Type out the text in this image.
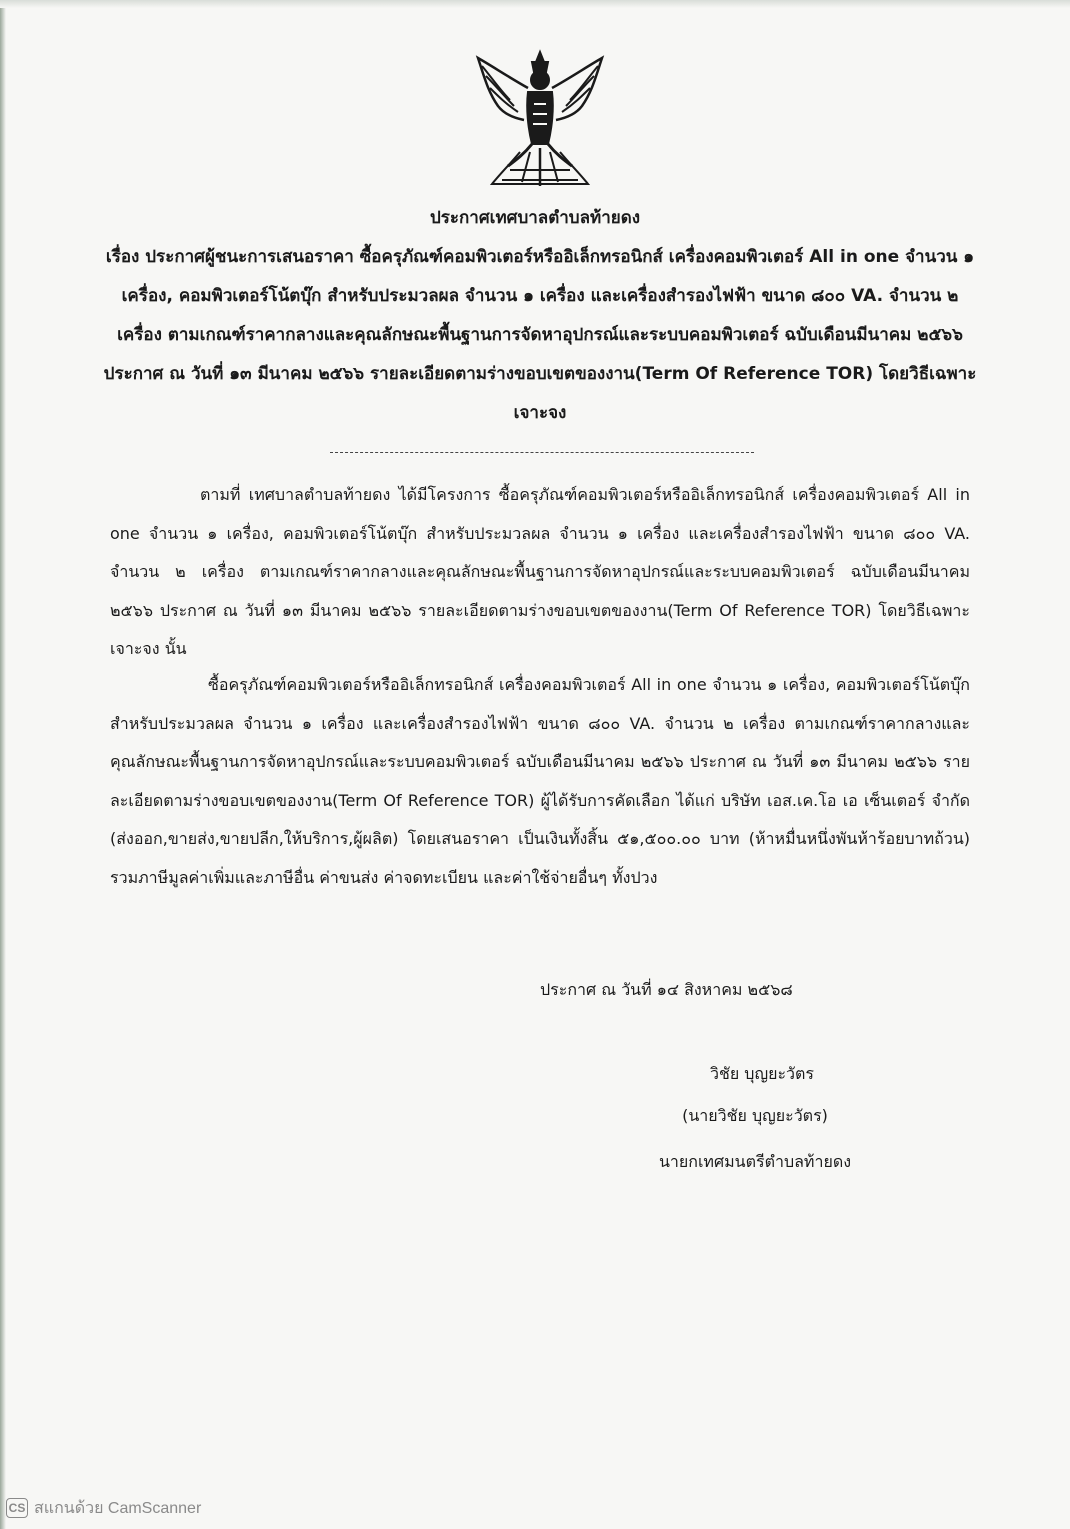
ประกาศเทศบาลตำบลท้ายดง

เรื่อง ประกาศผู้ชนะการเสนอราคา ซื้อครุภัณฑ์คอมพิวเตอร์หรืออิเล็กทรอนิกส์ เครื่องคอมพิวเตอร์ All in one จำนวน ๑ เครื่อง, คอมพิวเตอร์โน้ตบุ๊ก สำหรับประมวลผล จำนวน ๑ เครื่อง และเครื่องสำรองไฟฟ้า ขนาด ๘๐๐ VA. จำนวน ๒ เครื่อง ตามเกณฑ์ราคากลางและคุณลักษณะพื้นฐานการจัดหาอุปกรณ์และระบบคอมพิวเตอร์ ฉบับเดือนมีนาคม ๒๕๖๖ ประกาศ ณ วันที่ ๑๓ มีนาคม ๒๕๖๖ รายละเอียดตามร่างขอบเขตของงาน(Term Of Reference TOR) โดยวิธีเฉพาะเจาะจง

ตามที่ เทศบาลตำบลท้ายดง ได้มีโครงการ ซื้อครุภัณฑ์คอมพิวเตอร์หรืออิเล็กทรอนิกส์ เครื่องคอมพิวเตอร์ All in one จำนวน ๑ เครื่อง, คอมพิวเตอร์โน้ตบุ๊ก สำหรับประมวลผล จำนวน ๑ เครื่อง และเครื่องสำรองไฟฟ้า ขนาด ๘๐๐ VA. จำนวน ๒ เครื่อง ตามเกณฑ์ราคากลางและคุณลักษณะพื้นฐานการจัดหาอุปกรณ์และระบบคอมพิวเตอร์ ฉบับเดือนมีนาคม ๒๕๖๖ ประกาศ ณ วันที่ ๑๓ มีนาคม ๒๕๖๖ รายละเอียดตามร่างขอบเขตของงาน(Term Of Reference TOR) โดยวิธีเฉพาะเจาะจง นั้น

ซื้อครุภัณฑ์คอมพิวเตอร์หรืออิเล็กทรอนิกส์ เครื่องคอมพิวเตอร์ All in one จำนวน ๑ เครื่อง, คอมพิวเตอร์โน้ตบุ๊ก สำหรับประมวลผล จำนวน ๑ เครื่อง และเครื่องสำรองไฟฟ้า ขนาด ๘๐๐ VA. จำนวน ๒ เครื่อง ตามเกณฑ์ราคากลางและคุณลักษณะพื้นฐานการจัดหาอุปกรณ์และระบบคอมพิวเตอร์ ฉบับเดือนมีนาคม ๒๕๖๖ ประกาศ ณ วันที่ ๑๓ มีนาคม ๒๕๖๖ รายละเอียดตามร่างขอบเขตของงาน(Term Of Reference TOR) ผู้ได้รับการคัดเลือก ได้แก่ บริษัท เอส.เค.โอ เอ เซ็นเตอร์ จำกัด (ส่งออก,ขายส่ง,ขายปลีก,ให้บริการ,ผู้ผลิต) โดยเสนอราคา เป็นเงินทั้งสิ้น ๕๑,๕๐๐.๐๐ บาท (ห้าหมื่นหนึ่งพันห้าร้อยบาทถ้วน) รวมภาษีมูลค่าเพิ่มและภาษีอื่น ค่าขนส่ง ค่าจดทะเบียน และค่าใช้จ่ายอื่นๆ ทั้งปวง

ประกาศ ณ วันที่ ๑๔ สิงหาคม ๒๕๖๘

วิชัย บุญยะวัตร

(นายวิชัย บุญยะวัตร)

นายกเทศมนตรีตำบลท้ายดง

CS สแกนด้วย CamScanner
